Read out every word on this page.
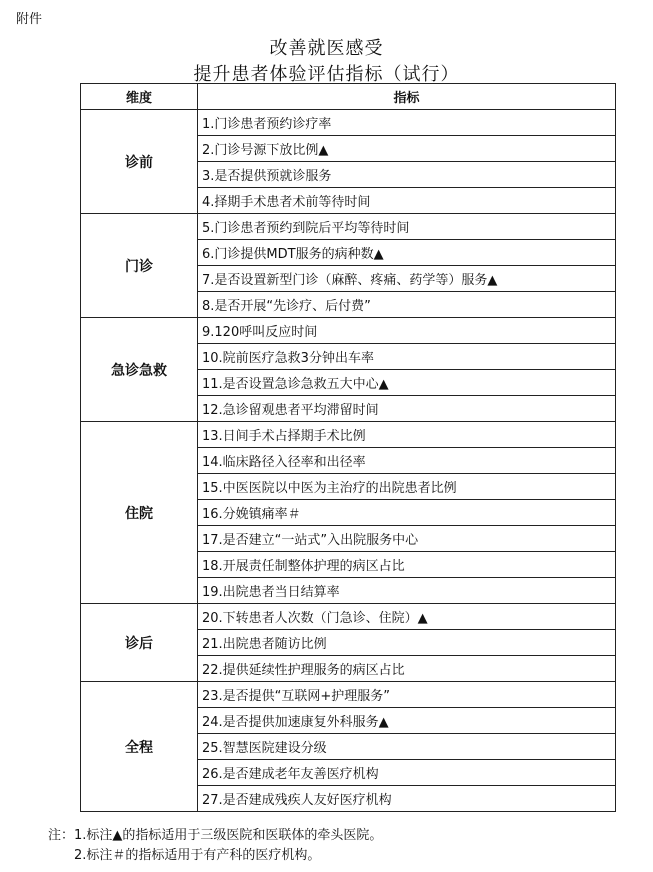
附件
改善就医感受
提升患者体验评估指标（试行）
维度	指标
诊前	1.门诊患者预约诊疗率
	2.门诊号源下放比例▲
	3.是否提供预就诊服务
	4.择期手术患者术前等待时间
门诊	5.门诊患者预约到院后平均等待时间
	6.门诊提供MDT服务的病种数▲
	7.是否设置新型门诊（麻醉、疼痛、药学等）服务▲
	8.是否开展“先诊疗、后付费”
急诊急救	9.120呼叫反应时间
	10.院前医疗急救3分钟出车率
	11.是否设置急诊急救五大中心▲
	12.急诊留观患者平均滞留时间
住院	13.日间手术占择期手术比例
	14.临床路径入径率和出径率
	15.中医医院以中医为主治疗的出院患者比例
	16.分娩镇痛率＃
	17.是否建立“一站式”入出院服务中心
	18.开展责任制整体护理的病区占比
	19.出院患者当日结算率
诊后	20.下转患者人次数（门急诊、住院）▲
	21.出院患者随访比例
	22.提供延续性护理服务的病区占比
全程	23.是否提供“互联网+护理服务”
	24.是否提供加速康复外科服务▲
	25.智慧医院建设分级
	26.是否建成老年友善医疗机构
	27.是否建成残疾人友好医疗机构
注： 1.标注▲的指标适用于三级医院和医联体的牵头医院。
2.标注＃的指标适用于有产科的医疗机构。
